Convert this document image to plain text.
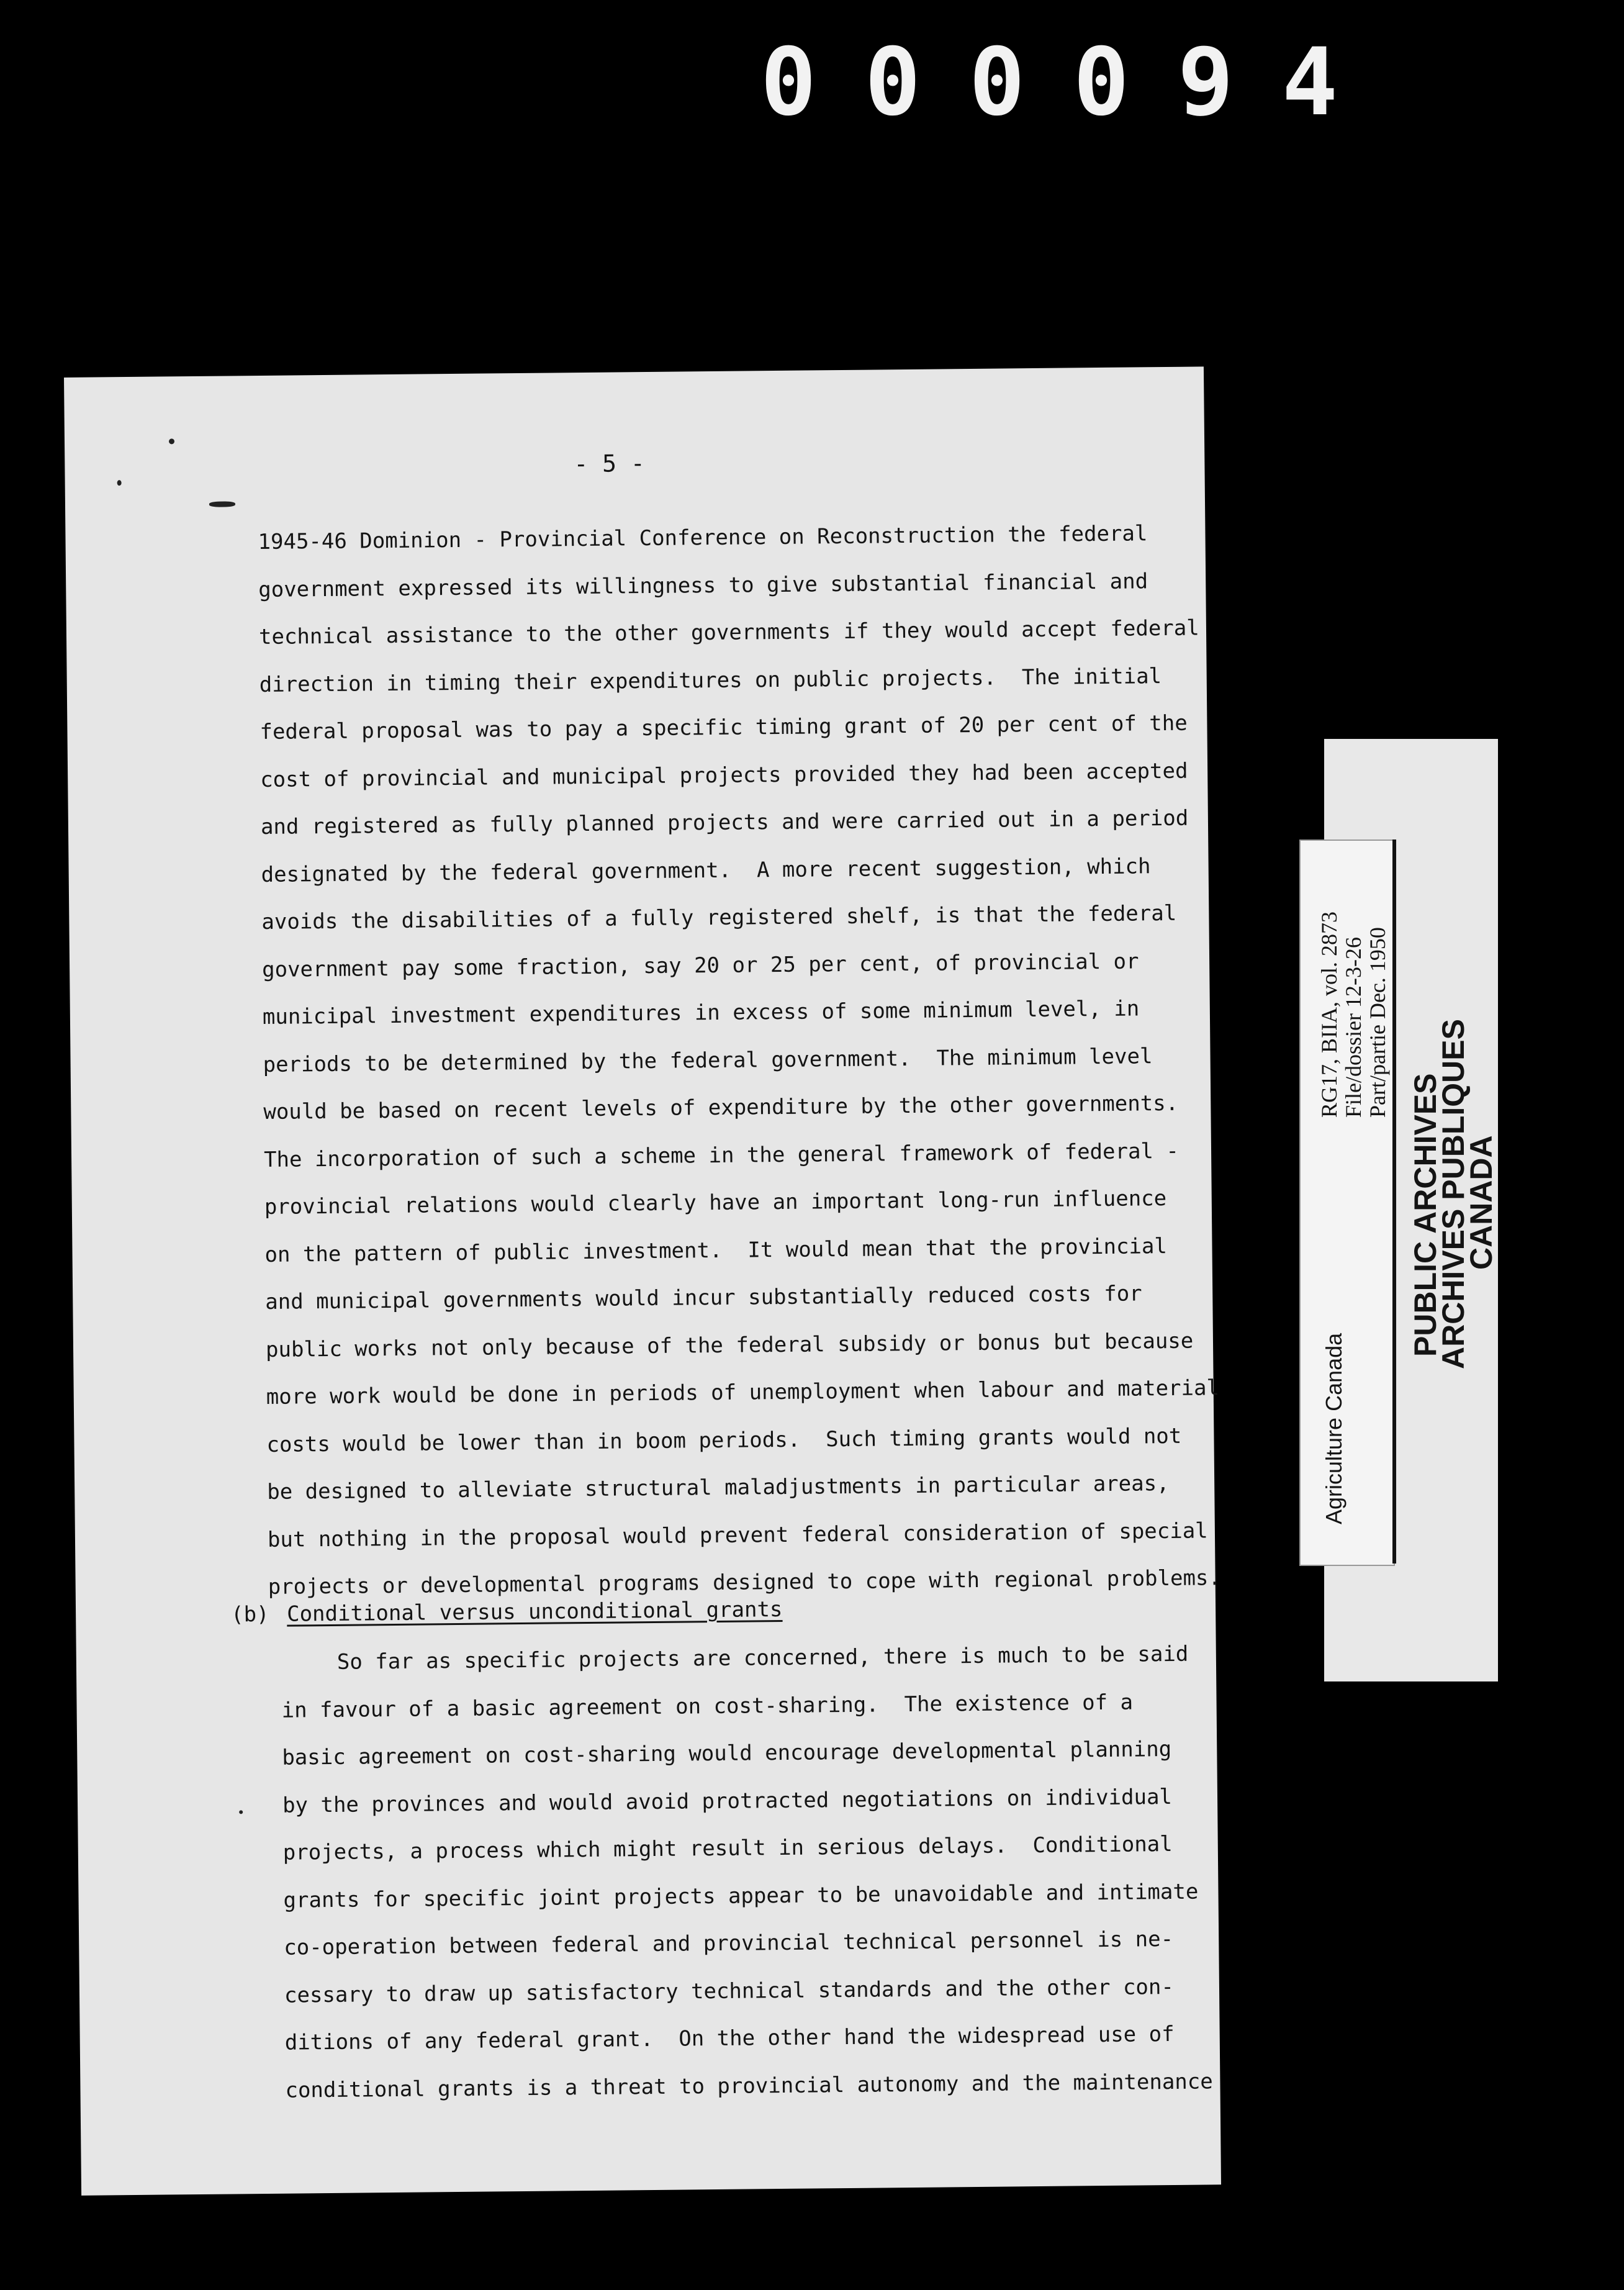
0 0 0 0 9 4
- 5 -
1945-46 Dominion - Provincial Conference on Reconstruction the federal
government expressed its willingness to give substantial financial and
technical assistance to the other governments if they would accept federal
direction in timing their expenditures on public projects.  The initial
federal proposal was to pay a specific timing grant of 20 per cent of the
cost of provincial and municipal projects provided they had been accepted
and registered as fully planned projects and were carried out in a period
designated by the federal government.  A more recent suggestion, which
avoids the disabilities of a fully registered shelf, is that the federal
government pay some fraction, say 20 or 25 per cent, of provincial or
municipal investment expenditures in excess of some minimum level, in
periods to be determined by the federal government.  The minimum level
would be based on recent levels of expenditure by the other governments.
The incorporation of such a scheme in the general framework of federal -
provincial relations would clearly have an important long-run influence
on the pattern of public investment.  It would mean that the provincial
and municipal governments would incur substantially reduced costs for
public works not only because of the federal subsidy or bonus but because
more work would be done in periods of unemployment when labour and material
costs would be lower than in boom periods.  Such timing grants would not
be designed to alleviate structural maladjustments in particular areas,
but nothing in the proposal would prevent federal consideration of special
projects or developmental programs designed to cope with regional problems.
(b) Conditional versus unconditional grants
So far as specific projects are concerned, there is much to be said
in favour of a basic agreement on cost-sharing.  The existence of a
basic agreement on cost-sharing would encourage developmental planning
by the provinces and would avoid protracted negotiations on individual
projects, a process which might result in serious delays.  Conditional
grants for specific joint projects appear to be unavoidable and intimate
co-operation between federal and provincial technical personnel is ne-
cessary to draw up satisfactory technical standards and the other con-
ditions of any federal grant.  On the other hand the widespread use of
conditional grants is a threat to provincial autonomy and the maintenance
RG17, BIIA, vol. 2873 File/dossier 12-3-26 Part/partie Dec. 1950
Agriculture Canada
PUBLIC ARCHIVES
ARCHIVES PUBLIQUES
CANADA
